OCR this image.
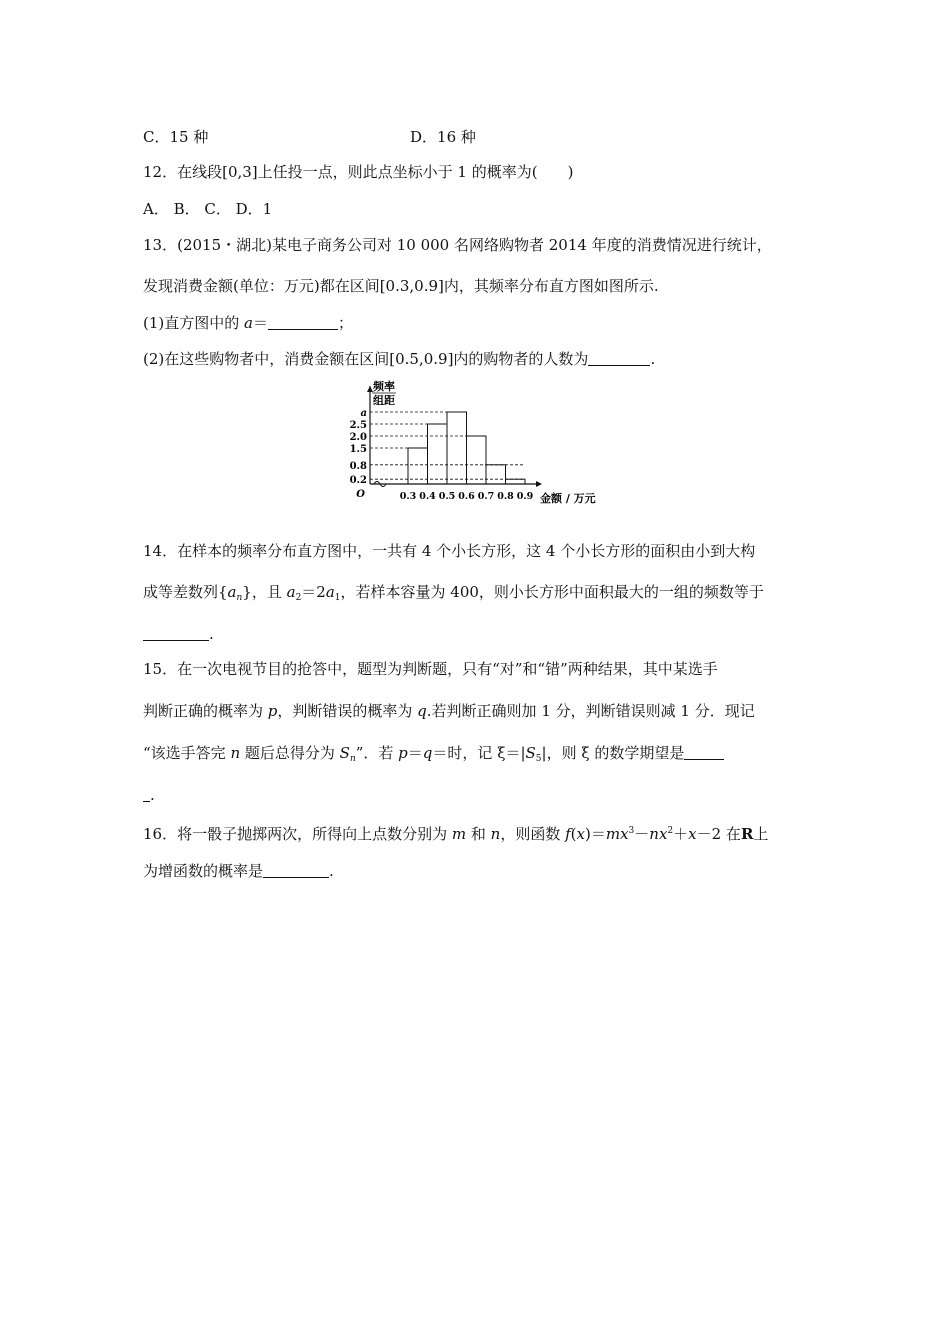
C．15 种	D．16 种
12．在线段[0,3]上任投一点，则此点坐标小于 1 的概率为(　　)
A． B． C． D．1
13．(2015・湖北)某电子商务公司对 10 000 名网络购物者 2014 年度的消费情况进行统计，
发现消费金额(单位：万元)都在区间[0.3,0.9]内，其频率分布直方图如图所示.
(1)直方图中的 a＝	；
(2)在这些购物者中，消费金额在区间[0.5,0.9]内的购物者的人数为	.
频率
组距
0.2
0.8
1.5
2.0
2.5
a
0.3 0.4 0.5 0.6 0.7 0.8 0.9
O	金额 / 万元
14．在样本的频率分布直方图中，一共有 4 个小长方形，这 4 个小长方形的面积由小到大构
成等差数列$\{a_n\}$，且 $a_2=2a_1$，若样本容量为 400，则小长方形中面积最大的一组的频数等于
.
15．在一次电视节目的抢答中，题型为判断题，只有“对”和“错”两种结果，其中某选手
判断正确的概率为 p，判断错误的概率为 q.若判断正确则加 1 分，判断错误则减 1 分．现记
“该选手答完 n 题后总得分为 $S_n$”．若 p＝q＝时，记 $\xi=|S_5|$，则 ξ 的数学期望是
.
16．将一骰子抛掷两次，所得向上点数分别为 m 和 n，则函数 $f(x)=mx^3-nx^2+x-2$ 在R上
为增函数的概率是	.
